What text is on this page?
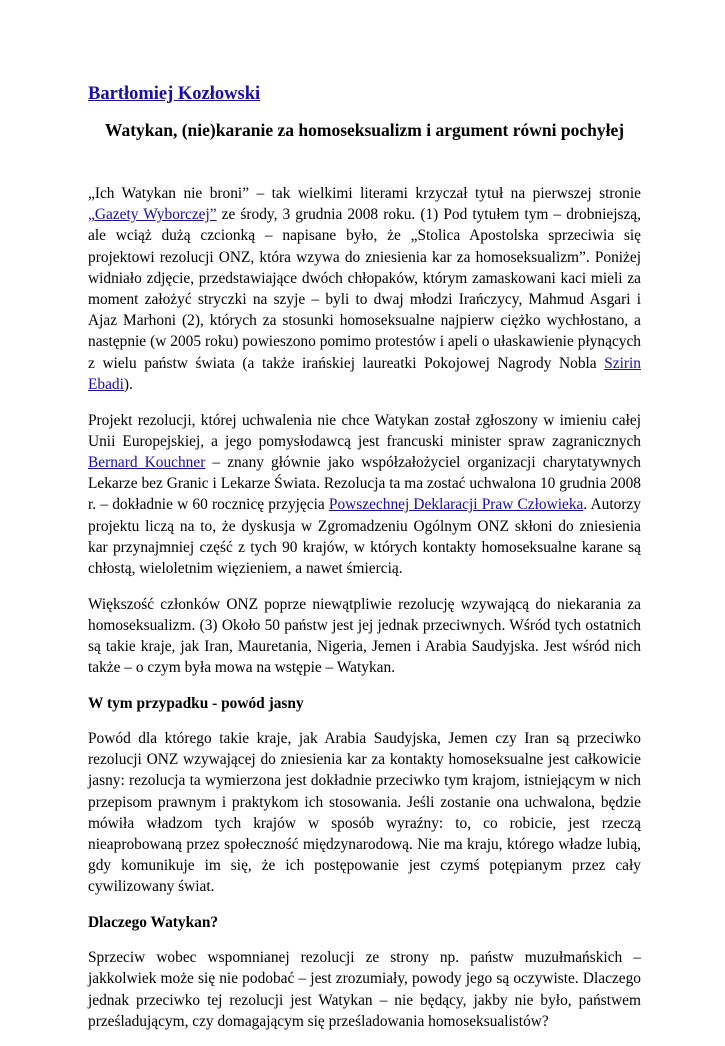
Bartłomiej Kozłowski
Watykan, (nie)karanie za homoseksualizm i argument równi pochyłej

„Ich Watykan nie broni” – tak wielkimi literami krzyczał tytuł na pierwszej stronie „Gazety Wyborczej” ze środy, 3 grudnia 2008 roku. (1) Pod tytułem tym – drobniejszą, ale wciąż dużą czcionką – napisane było, że „Stolica Apostolska sprzeciwia się projektowi rezolucji ONZ, która wzywa do zniesienia kar za homoseksualizm”. Poniżej widniało zdjęcie, przedstawiające dwóch chłopaków, którym zamaskowani kaci mieli za moment założyć stryczki na szyje – byli to dwaj młodzi Irańczycy, Mahmud Asgari i Ajaz Marhoni (2), których za stosunki homoseksualne najpierw ciężko wychłostano, a następnie (w 2005 roku) powieszono pomimo protestów i apeli o ułaskawienie płynących z wielu państw świata (a także irańskiej laureatki Pokojowej Nagrody Nobla Szirin Ebadi).

Projekt rezolucji, której uchwalenia nie chce Watykan został zgłoszony w imieniu całej Unii Europejskiej, a jego pomysłodawcą jest francuski minister spraw zagranicznych Bernard Kouchner – znany głównie jako współzałożyciel organizacji charytatywnych Lekarze bez Granic i Lekarze Świata. Rezolucja ta ma zostać uchwalona 10 grudnia 2008 r. – dokładnie w 60 rocznicę przyjęcia Powszechnej Deklaracji Praw Człowieka. Autorzy projektu liczą na to, że dyskusja w Zgromadzeniu Ogólnym ONZ skłoni do zniesienia kar przynajmniej część z tych 90 krajów, w których kontakty homoseksualne karane są chłostą, wieloletnim więzieniem, a nawet śmiercią.

Większość członków ONZ poprze niewątpliwie rezolucję wzywającą do niekarania za homoseksualizm. (3) Około 50 państw jest jej jednak przeciwnych. Wśród tych ostatnich są takie kraje, jak Iran, Mauretania, Nigeria, Jemen i Arabia Saudyjska. Jest wśród nich także – o czym była mowa na wstępie – Watykan.

W tym przypadku - powód jasny

Powód dla którego takie kraje, jak Arabia Saudyjska, Jemen czy Iran są przeciwko rezolucji ONZ wzywającej do zniesienia kar za kontakty homoseksualne jest całkowicie jasny: rezolucja ta wymierzona jest dokładnie przeciwko tym krajom, istniejącym w nich przepisom prawnym i praktykom ich stosowania. Jeśli zostanie ona uchwalona, będzie mówiła władzom tych krajów w sposób wyraźny: to, co robicie, jest rzeczą nieaprobowaną przez społeczność międzynarodową. Nie ma kraju, którego władze lubią, gdy komunikuje im się, że ich postępowanie jest czymś potępianym przez cały cywilizowany świat.

Dlaczego Watykan?

Sprzeciw wobec wspomnianej rezolucji ze strony np. państw muzułmańskich – jakkolwiek może się nie podobać – jest zrozumiały, powody jego są oczywiste. Dlaczego jednak przeciwko tej rezolucji jest Watykan – nie będący, jakby nie było, państwem prześladującym, czy domagającym się prześladowania homoseksualistów?
